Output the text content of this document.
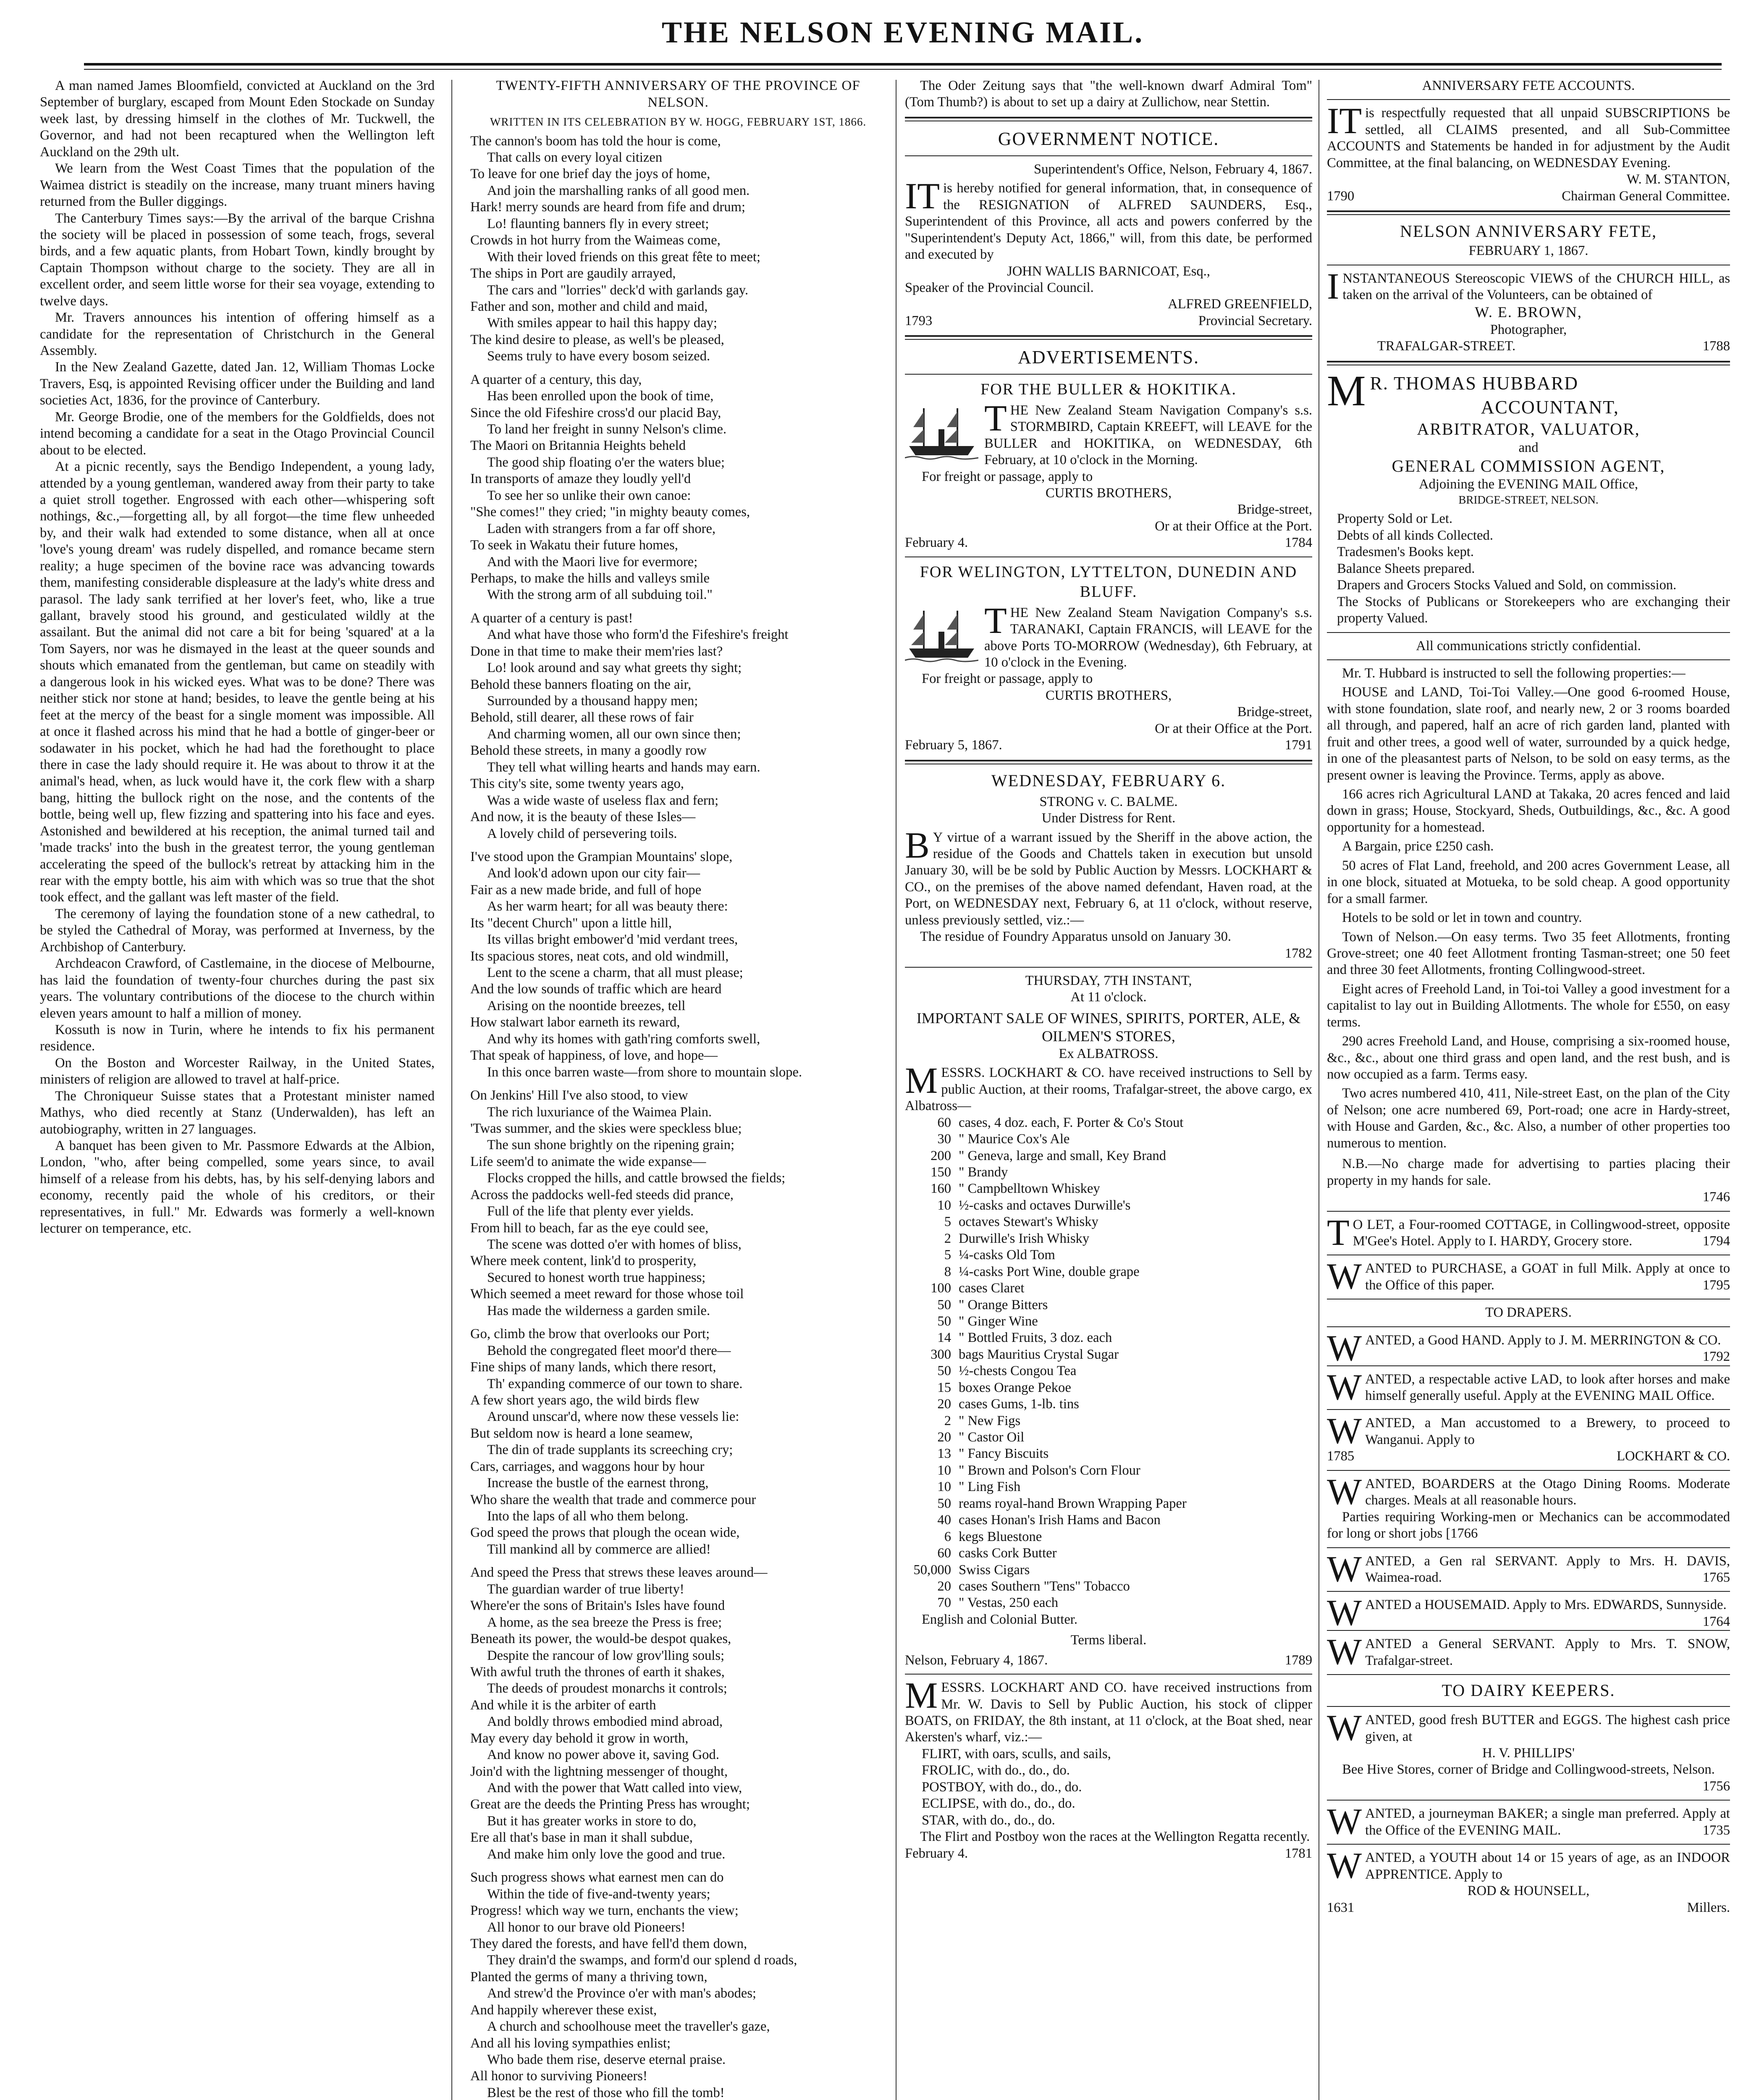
THE NELSON EVENING MAIL.

A man named James Bloomfield, convicted at Auckland on the 3rd September of burglary, escaped from Mount Eden Stockade on Sunday week last, by dressing himself in the clothes of Mr. Tuckwell, the Governor, and had not been recaptured when the Wellington left Auckland on the 29th ult.

We learn from the West Coast Times that the population of the Waimea district is steadily on the increase, many truant miners having returned from the Buller diggings.

The Canterbury Times says:—By the arrival of the barque Crishna the society will be placed in possession of some teach, frogs, several birds, and a few aquatic plants, from Hobart Town, kindly brought by Captain Thompson without charge to the society. They are all in excellent order, and seem little worse for their sea voyage, extending to twelve days.

Mr. Travers announces his intention of offering himself as a candidate for the representation of Christchurch in the General Assembly.

In the New Zealand Gazette, dated Jan. 12, William Thomas Locke Travers, Esq, is appointed Revising officer under the Building and land societies Act, 1836, for the province of Canterbury.

Mr. George Brodie, one of the members for the Goldfields, does not intend becoming a candidate for a seat in the Otago Provincial Council about to be elected.

At a picnic recently, says the Bendigo Independent, a young lady, attended by a young gentleman, wandered away from their party to take a quiet stroll together. Engrossed with each other—whispering soft nothings, &c.,—forgetting all, by all forgot—the time flew unheeded by, and their walk had extended to some distance, when all at once 'love's young dream' was rudely dispelled, and romance became stern reality; a huge specimen of the bovine race was advancing towards them, manifesting considerable displeasure at the lady's white dress and parasol. The lady sank terrified at her lover's feet, who, like a true gallant, bravely stood his ground, and gesticulated wildly at the assailant. But the animal did not care a bit for being 'squared' at a la Tom Sayers, nor was he dismayed in the least at the queer sounds and shouts which emanated from the gentleman, but came on steadily with a dangerous look in his wicked eyes. What was to be done? There was neither stick nor stone at hand; besides, to leave the gentle being at his feet at the mercy of the beast for a single moment was impossible. All at once it flashed across his mind that he had a bottle of ginger-beer or sodawater in his pocket, which he had had the forethought to place there in case the lady should require it. He was about to throw it at the animal's head, when, as luck would have it, the cork flew with a sharp bang, hitting the bullock right on the nose, and the contents of the bottle, being well up, flew fizzing and spattering into his face and eyes. Astonished and bewildered at his reception, the animal turned tail and 'made tracks' into the bush in the greatest terror, the young gentleman accelerating the speed of the bullock's retreat by attacking him in the rear with the empty bottle, his aim with which was so true that the shot took effect, and the gallant was left master of the field.

The ceremony of laying the foundation stone of a new cathedral, to be styled the Cathedral of Moray, was performed at Inverness, by the Archbishop of Canterbury.

Archdeacon Crawford, of Castlemaine, in the diocese of Melbourne, has laid the foundation of twenty-four churches during the past six years. The voluntary contributions of the diocese to the church within eleven years amount to half a million of money.

Kossuth is now in Turin, where he intends to fix his permanent residence.

On the Boston and Worcester Railway, in the United States, ministers of religion are allowed to travel at half-price.

The Chroniqueur Suisse states that a Protestant minister named Mathys, who died recently at Stanz (Underwalden), has left an autobiography, written in 27 languages.

A banquet has been given to Mr. Passmore Edwards at the Albion, London, "who, after being compelled, some years since, to avail himself of a release from his debts, has, by his self-denying labors and economy, recently paid the whole of his creditors, or their representatives, in full." Mr. Edwards was formerly a well-known lecturer on temperance, etc.

TWENTY-FIFTH ANNIVERSARY OF THE PROVINCE OF NELSON.
WRITTEN IN ITS CELEBRATION BY W. HOGG, FEBRUARY 1ST, 1866.
The cannon's boom has told the hour is come,
That calls on every loyal citizen
To leave for one brief day the joys of home,
And join the marshalling ranks of all good men.
Hark! merry sounds are heard from fife and drum;
Lo! flaunting banners fly in every street;
Crowds in hot hurry from the Waimeas come,
With their loved friends on this great fête to meet;
The ships in Port are gaudily arrayed,
The cars and "lorries" deck'd with garlands gay.
Father and son, mother and child and maid,
With smiles appear to hail this happy day;
The kind desire to please, as well's be pleased,
Seems truly to have every bosom seized.
A quarter of a century, this day,
Has been enrolled upon the book of time,
Since the old Fifeshire cross'd our placid Bay,
To land her freight in sunny Nelson's clime.
The Maori on Britannia Heights beheld
The good ship floating o'er the waters blue;
In transports of amaze they loudly yell'd
To see her so unlike their own canoe:
"She comes!" they cried; "in mighty beauty comes,
Laden with strangers from a far off shore,
To seek in Wakatu their future homes,
And with the Maori live for evermore;
Perhaps, to make the hills and valleys smile
With the strong arm of all subduing toil."
A quarter of a century is past!
And what have those who form'd the Fifeshire's freight
Done in that time to make their mem'ries last?
Lo! look around and say what greets thy sight;
Behold these banners floating on the air,
Surrounded by a thousand happy men;
Behold, still dearer, all these rows of fair
And charming women, all our own since then;
Behold these streets, in many a goodly row
They tell what willing hearts and hands may earn.
This city's site, some twenty years ago,
Was a wide waste of useless flax and fern;
And now, it is the beauty of these Isles—
A lovely child of persevering toils.
I've stood upon the Grampian Mountains' slope,
And look'd adown upon our city fair—
Fair as a new made bride, and full of hope
As her warm heart; for all was beauty there:
Its "decent Church" upon a little hill,
Its villas bright embower'd 'mid verdant trees,
Its spacious stores, neat cots, and old windmill,
Lent to the scene a charm, that all must please;
And the low sounds of traffic which are heard
Arising on the noontide breezes, tell
How stalwart labor earneth its reward,
And why its homes with gath'ring comforts swell,
That speak of happiness, of love, and hope—
In this once barren waste—from shore to mountain slope.
On Jenkins' Hill I've also stood, to view
The rich luxuriance of the Waimea Plain.
'Twas summer, and the skies were speckless blue;
The sun shone brightly on the ripening grain;
Life seem'd to animate the wide expanse—
Flocks cropped the hills, and cattle browsed the fields;
Across the paddocks well-fed steeds did prance,
Full of the life that plenty ever yields.
From hill to beach, far as the eye could see,
The scene was dotted o'er with homes of bliss,
Where meek content, link'd to prosperity,
Secured to honest worth true happiness;
Which seemed a meet reward for those whose toil
Has made the wilderness a garden smile.
Go, climb the brow that overlooks our Port;
Behold the congregated fleet moor'd there—
Fine ships of many lands, which there resort,
Th' expanding commerce of our town to share.
A few short years ago, the wild birds flew
Around unscar'd, where now these vessels lie:
But seldom now is heard a lone seamew,
The din of trade supplants its screeching cry;
Cars, carriages, and waggons hour by hour
Increase the bustle of the earnest throng,
Who share the wealth that trade and commerce pour
Into the laps of all who them belong.
God speed the prows that plough the ocean wide,
Till mankind all by commerce are allied!
And speed the Press that strews these leaves around—
The guardian warder of true liberty!
Where'er the sons of Britain's Isles have found
A home, as the sea breeze the Press is free;
Beneath its power, the would-be despot quakes,
Despite the rancour of low grov'lling souls;
With awful truth the thrones of earth it shakes,
The deeds of proudest monarchs it controls;
And while it is the arbiter of earth
And boldly throws embodied mind abroad,
May every day behold it grow in worth,
And know no power above it, saving God.
Join'd with the lightning messenger of thought,
And with the power that Watt called into view,
Great are the deeds the Printing Press has wrought;
But it has greater works in store to do,
Ere all that's base in man it shall subdue,
And make him only love the good and true.
Such progress shows what earnest men can do
Within the tide of five-and-twenty years;
Progress! which way we turn, enchants the view;
All honor to our brave old Pioneers!
They dared the forests, and have fell'd them down,
They drain'd the swamps, and form'd our splend d roads,
Planted the germs of many a thriving town,
And strew'd the Province o'er with man's abodes;
And happily wherever these exist,
A church and schoolhouse meet the traveller's gaze,
And all his loving sympathies enlist;
Who bade them rise, deserve eternal praise.
All honor to surviving Pioneers!
Blest be the rest of those who fill the tomb!

The Oder Zeitung says that "the well-known dwarf Admiral Tom" (Tom Thumb?) is about to set up a dairy at Zullichow, near Stettin.

GOVERNMENT NOTICE.
Superintendent's Office, Nelson, February 4, 1867.
IT is hereby notified for general information, that, in consequence of the RESIGNATION of ALFRED SAUNDERS, Esq., Superintendent of this Province, all acts and powers conferred by the "Superintendent's Deputy Act, 1866," will, from this date, be performed and executed by
JOHN WALLIS BARNICOAT, Esq.,
Speaker of the Provincial Council.
ALFRED GREENFIELD,
1793	Provincial Secretary.
ADVERTISEMENTS.
FOR THE BULLER & HOKITIKA.
T HE New Zealand Steam Navigation Company's s.s. STORMBIRD, Captain KREEFT, will LEAVE for the BULLER and HOKITIKA, on WEDNESDAY, 6th February, at 10 o'clock in the Morning.
For freight or passage, apply to
CURTIS BROTHERS,
Bridge-street,
Or at their Office at the Port.
February 4.	1784
FOR WELINGTON, LYTTELTON, DUNEDIN AND BLUFF.
T HE New Zealand Steam Navigation Company's s.s. TARANAKI, Captain FRANCIS, will LEAVE for the above Ports TO-MORROW (Wednesday), 6th February, at 10 o'clock in the Evening.
For freight or passage, apply to
CURTIS BROTHERS,
Bridge-street,
Or at their Office at the Port.
February 5, 1867.	1791
WEDNESDAY, FEBRUARY 6.
STRONG v. C. BALME.
Under Distress for Rent.
B Y virtue of a warrant issued by the Sheriff in the above action, the residue of the Goods and Chattels taken in execution but unsold January 30, will be be sold by Public Auction by Messrs. LOCKHART & CO., on the premises of the above named defendant, Haven road, at the Port, on WEDNESDAY next, February 6, at 11 o'clock, without reserve, unless previously settled, viz.:—

The residue of Foundry Apparatus unsold on January 30.

1782
THURSDAY, 7TH INSTANT,
At 11 o'clock.
IMPORTANT SALE OF WINES, SPIRITS, PORTER, ALE, & OILMEN'S STORES,
Ex ALBATROSS.
M ESSRS. LOCKHART & CO. have received instructions to Sell by public Auction, at their rooms, Trafalgar-street, the above cargo, ex Albatross—
60 cases, 4 doz. each, F. Porter & Co's Stout
30 " Maurice Cox's Ale
200 " Geneva, large and small, Key Brand
150 " Brandy
160 " Campbelltown Whiskey
10 ½-casks and octaves Durwille's
5 octaves Stewart's Whisky
2 Durwille's Irish Whisky
5 ¼-casks Old Tom
8 ¼-casks Port Wine, double grape
100 cases Claret
50 " Orange Bitters
50 " Ginger Wine
14 " Bottled Fruits, 3 doz. each
300 bags Mauritius Crystal Sugar
50 ½-chests Congou Tea
15 boxes Orange Pekoe
20 cases Gums, 1-lb. tins
2 " New Figs
20 " Castor Oil
13 " Fancy Biscuits
10 " Brown and Polson's Corn Flour
10 " Ling Fish
50 reams royal-hand Brown Wrapping Paper
40 cases Honan's Irish Hams and Bacon
6 kegs Bluestone
60 casks Cork Butter
50,000 Swiss Cigars
20 cases Southern "Tens" Tobacco
70 " Vestas, 250 each
English and Colonial Butter.
Terms liberal.
Nelson, February 4, 1867.	1789
M ESSRS. LOCKHART AND CO. have received instructions from Mr. W. Davis to Sell by Public Auction, his stock of clipper BOATS, on FRIDAY, the 8th instant, at 11 o'clock, at the Boat shed, near Akersten's wharf, viz.:—
FLIRT, with oars, sculls, and sails,
FROLIC, with do., do., do.
POSTBOY, with do., do., do.
ECLIPSE, with do., do., do.
STAR, with do., do., do.

The Flirt and Postboy won the races at the Wellington Regatta recently.

February 4.	1781
ANNIVERSARY FETE ACCOUNTS.
IT is respectfully requested that all unpaid SUBSCRIPTIONS be settled, all CLAIMS presented, and all Sub-Committee ACCOUNTS and Statements be handed in for adjustment by the Audit Committee, at the final balancing, on WEDNESDAY Evening.
W. M. STANTON,
1790	Chairman General Committee.
NELSON ANNIVERSARY FETE,
FEBRUARY 1, 1867.
I NSTANTANEOUS Stereoscopic VIEWS of the CHURCH HILL, as taken on the arrival of the Volunteers, can be obtained of
W. E. BROWN,
Photographer,
TRAFALGAR-STREET.	1788
M R. THOMAS HUBBARD
ACCOUNTANT,
ARBITRATOR, VALUATOR,
and
GENERAL COMMISSION AGENT,
Adjoining the EVENING MAIL Office,
BRIDGE-STREET, NELSON.
Property Sold or Let.
Debts of all kinds Collected.
Tradesmen's Books kept.
Balance Sheets prepared.
Drapers and Grocers Stocks Valued and Sold, on commission.
The Stocks of Publicans or Storekeepers who are exchanging their property Valued.
All communications strictly confidential.

Mr. T. Hubbard is instructed to sell the following properties:—

HOUSE and LAND, Toi-Toi Valley.—One good 6-roomed House, with stone foundation, slate roof, and nearly new, 2 or 3 rooms boarded all through, and papered, half an acre of rich garden land, planted with fruit and other trees, a good well of water, surrounded by a quick hedge, in one of the pleasantest parts of Nelson, to be sold on easy terms, as the present owner is leaving the Province. Terms, apply as above.

166 acres rich Agricultural LAND at Takaka, 20 acres fenced and laid down in grass; House, Stockyard, Sheds, Outbuildings, &c., &c. A good opportunity for a homestead.

A Bargain, price £250 cash.

50 acres of Flat Land, freehold, and 200 acres Government Lease, all in one block, situated at Motueka, to be sold cheap. A good opportunity for a small farmer.

Hotels to be sold or let in town and country.

Town of Nelson.—On easy terms. Two 35 feet Allotments, fronting Grove-street; one 40 feet Allotment fronting Tasman-street; one 50 feet and three 30 feet Allotments, fronting Collingwood-street.

Eight acres of Freehold Land, in Toi-toi Valley a good investment for a capitalist to lay out in Building Allotments. The whole for £550, on easy terms.

290 acres Freehold Land, and House, comprising a six-roomed house, &c., &c., about one third grass and open land, and the rest bush, and is now occupied as a farm. Terms easy.

Two acres numbered 410, 411, Nile-street East, on the plan of the City of Nelson; one acre numbered 69, Port-road; one acre in Hardy-street, with House and Garden, &c., &c. Also, a number of other properties too numerous to mention.

N.B.—No charge made for advertising to parties placing their property in my hands for sale.

1746
T O LET, a Four-roomed COTTAGE, in Collingwood-street, opposite M'Gee's Hotel. Apply to I. HARDY, Grocery store.	1794
W ANTED to PURCHASE, a GOAT in full Milk. Apply at once to the Office of this paper.	1795
TO DRAPERS.
W ANTED, a Good HAND. Apply to J. M. MERRINGTON & CO.
1792
W ANTED, a respectable active LAD, to look after horses and make himself generally useful. Apply at the EVENING MAIL Office.
W ANTED, a Man accustomed to a Brewery, to proceed to Wanganui. Apply to
1785	LOCKHART & CO.
W ANTED, BOARDERS at the Otago Dining Rooms. Moderate charges. Meals at all reasonable hours.

Parties requiring Working-men or Mechanics can be accommodated for long or short jobs [1766

W ANTED, a Gen ral SERVANT. Apply to Mrs. H. DAVIS, Waimea-road.	1765
W ANTED a HOUSEMAID. Apply to Mrs. EDWARDS, Sunnyside.
1764
W ANTED a General SERVANT. Apply to Mrs. T. SNOW, Trafalgar-street.
TO DAIRY KEEPERS.
W ANTED, good fresh BUTTER and EGGS. The highest cash price given, at
H. V. PHILLIPS'
Bee Hive Stores, corner of Bridge and Collingwood-streets, Nelson.
1756
W ANTED, a journeyman BAKER; a single man preferred. Apply at the Office of the EVENING MAIL.	1735
W ANTED, a YOUTH about 14 or 15 years of age, as an INDOOR APPRENTICE. Apply to
ROD & HOUNSELL,
1631	Millers.
